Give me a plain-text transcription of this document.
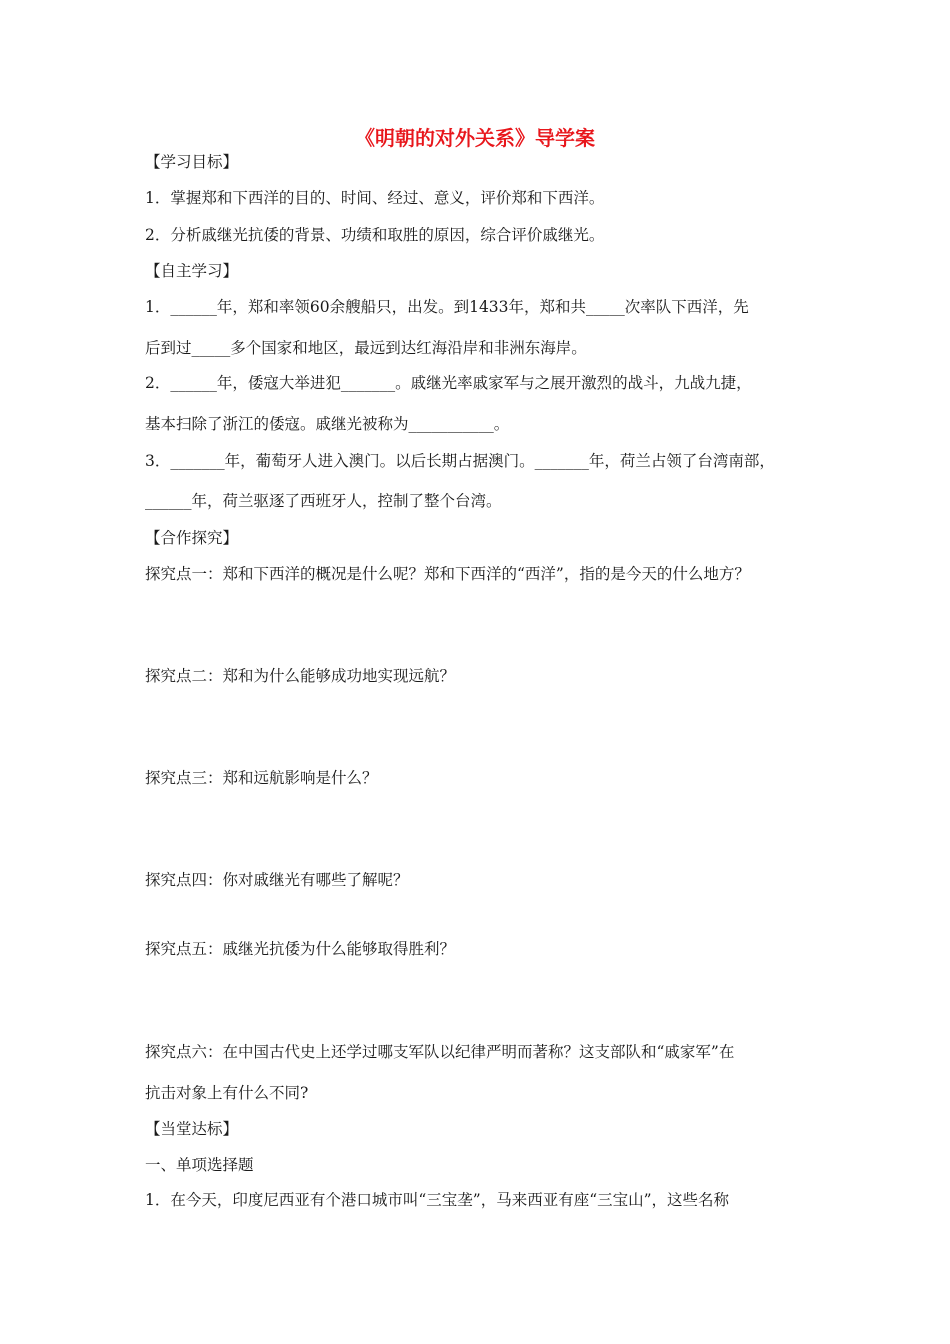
《明朝的对外关系》导学案
【学习目标】
1．掌握郑和下西洋的目的、时间、经过、意义，评价郑和下西洋。
2．分析戚继光抗倭的背景、功绩和取胜的原因，综合评价戚继光。
【自主学习】
1．______年，郑和率领60余艘船只，出发。到1433年，郑和共_____次率队下西洋，先
后到过_____多个国家和地区，最远到达红海沿岸和非洲东海岸。
2．______年，倭寇大举进犯_______。戚继光率戚家军与之展开激烈的战斗，九战九捷，
基本扫除了浙江的倭寇。戚继光被称为___________。
3．_______年，葡萄牙人进入澳门。以后长期占据澳门。_______年，荷兰占领了台湾南部，
______年，荷兰驱逐了西班牙人，控制了整个台湾。
【合作探究】
探究点一：郑和下西洋的概况是什么呢？郑和下西洋的“西洋”，指的是今天的什么地方？
探究点二：郑和为什么能够成功地实现远航？
探究点三：郑和远航影响是什么？
探究点四：你对戚继光有哪些了解呢？
探究点五：戚继光抗倭为什么能够取得胜利？
探究点六：在中国古代史上还学过哪支军队以纪律严明而著称？这支部队和“戚家军”在
抗击对象上有什么不同?
【当堂达标】
一、单项选择题
1．在今天，印度尼西亚有个港口城市叫“三宝垄”，马来西亚有座“三宝山”，这些名称
